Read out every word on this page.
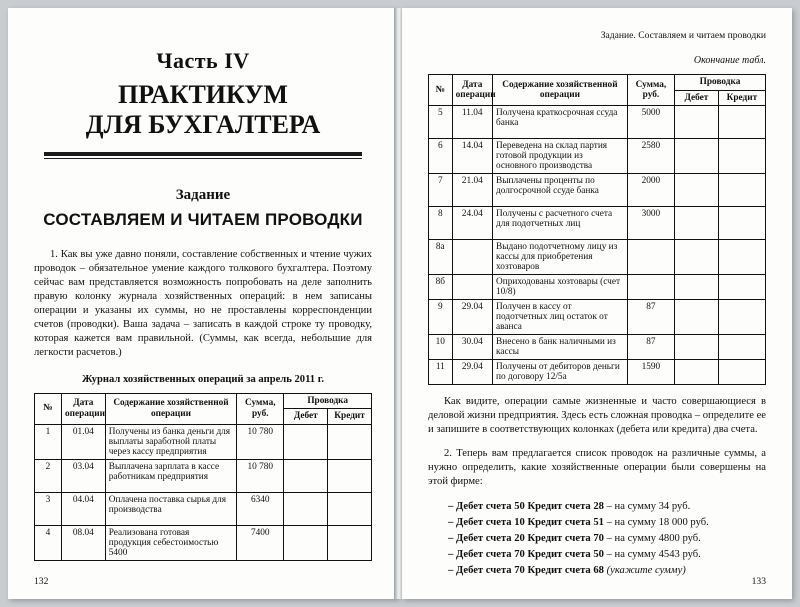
Часть IV
ПРАКТИКУМ
ДЛЯ БУХГАЛТЕРА
Задание
СОСТАВЛЯЕМ И ЧИТАЕМ ПРОВОДКИ
1. Как вы уже давно поняли, составление собственных и чтение чужих проводок – обязательное умение каждого толкового бухгалтера. Поэтому сейчас вам представляется возможность попробовать на деле заполнить правую колонку журнала хозяйственных операций: в нем записаны операции и указаны их суммы, но не проставлены корреспонденции счетов (проводки). Ваша задача – записать в каждой строке ту проводку, которая кажется вам правильной. (Суммы, как всегда, небольшие для легкости расчетов.)
Журнал хозяйственных операций за апрель 2011 г.
№	Дата операции	Содержание хозяйственной операции	Сумма, руб.	Проводка	
				Дебет	Кредит
1	01.04	Получены из банка деньги для выплаты заработной платы через кассу предприятия	10 780		
2	03.04	Выплачена зарплата в кассе работникам предприятия	10 780		
3	04.04	Оплачена поставка сырья для производства	6340		
4	08.04	Реализована готовая продукция себестоимостью 5400	7400		
132
Задание. Составляем и читаем проводки
Окончание табл.
№	Дата операции	Содержание хозяйственной операции	Сумма, руб.	Проводка	
				Дебет	Кредит
5	11.04	Получена краткосрочная ссуда банка	5000		
6	14.04	Переведена на склад партия готовой продукции из основного производства	2580		
7	21.04	Выплачены проценты по долгосрочной ссуде банка	2000		
8	24.04	Получены с расчетного счета для подотчетных лиц	3000		
8а		Выдано подотчетному лицу из кассы для приобретения хозтоваров			
8б		Оприходованы хозтовары (счет 10/8)			
9	29.04	Получен в кассу от подотчетных лиц остаток от аванса	87		
10	30.04	Внесено в банк наличными из кассы	87		
11	29.04	Получены от дебиторов деньги по договору 12/5а	1590		
Как видите, операции самые жизненные и часто совершающиеся в деловой жизни предприятия. Здесь есть сложная проводка – определите ее и запишите в соответствующих колонках (дебета или кредита) два счета.
2. Теперь вам предлагается список проводок на различные суммы, а нужно определить, какие хозяйственные операции были совершены на этой фирме:
– Дебет счета 50 Кредит счета 28 – на сумму 34 руб.
– Дебет счета 10 Кредит счета 51 – на сумму 18 000 руб.
– Дебет счета 20 Кредит счета 70 – на сумму 4800 руб.
– Дебет счета 70 Кредит счета 50 – на сумму 4543 руб.
– Дебет счета 70 Кредит счета 68 (укажите сумму)
133
